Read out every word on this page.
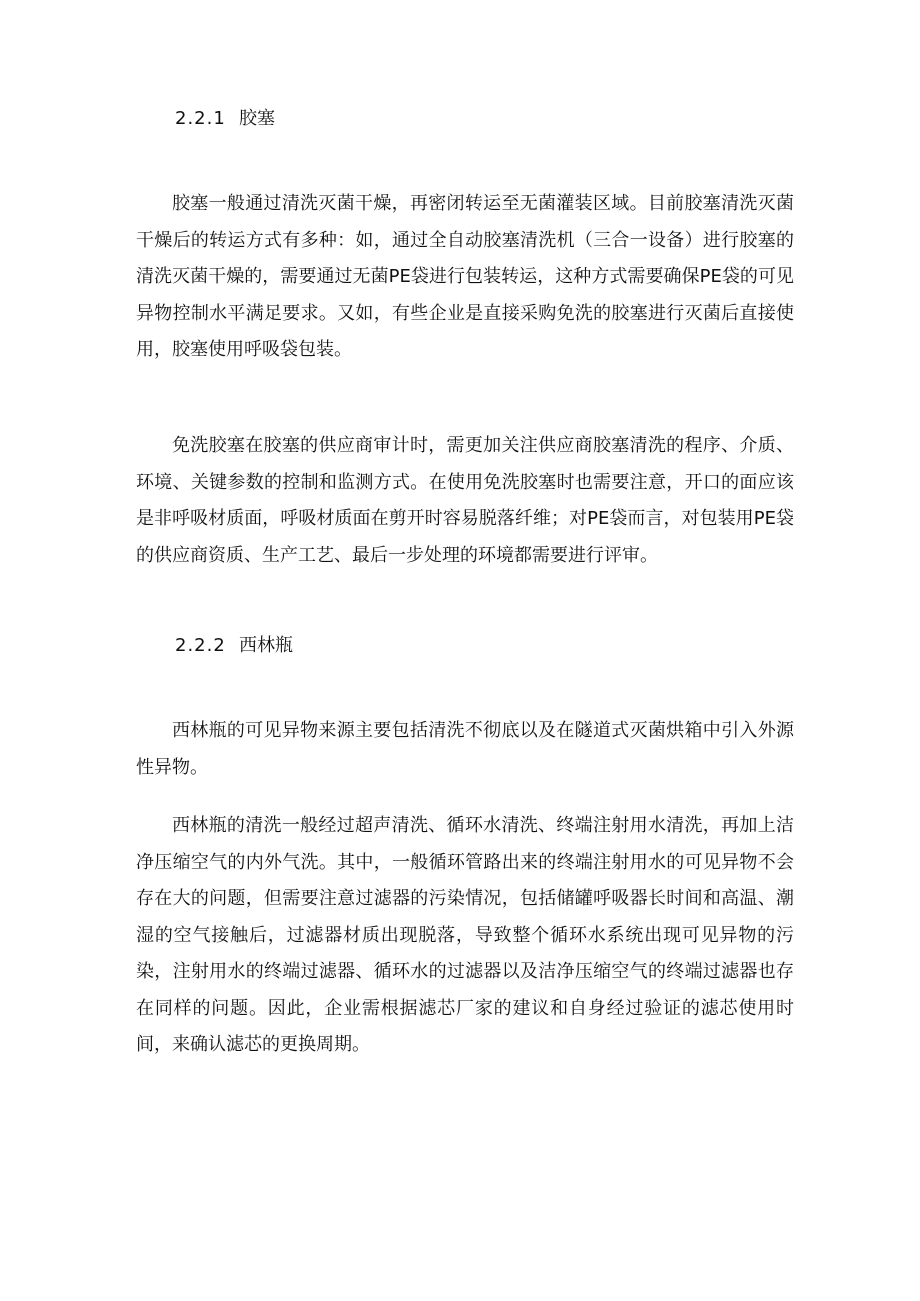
2.2.1 胶塞

胶塞一般通过清洗灭菌干燥，再密闭转运至无菌灌装区域。目前胶塞清洗灭菌干燥后的转运方式有多种：如，通过全自动胶塞清洗机（三合一设备）进行胶塞的清洗灭菌干燥的，需要通过无菌PE袋进行包装转运，这种方式需要确保PE袋的可见异物控制水平满足要求。又如，有些企业是直接采购免洗的胶塞进行灭菌后直接使用，胶塞使用呼吸袋包装。

免洗胶塞在胶塞的供应商审计时，需更加关注供应商胶塞清洗的程序、介质、环境、关键参数的控制和监测方式。在使用免洗胶塞时也需要注意，开口的面应该是非呼吸材质面，呼吸材质面在剪开时容易脱落纤维；对PE袋而言，对包装用PE袋的供应商资质、生产工艺、最后一步处理的环境都需要进行评审。

2.2.2 西林瓶

西林瓶的可见异物来源主要包括清洗不彻底以及在隧道式灭菌烘箱中引入外源性异物。

西林瓶的清洗一般经过超声清洗、循环水清洗、终端注射用水清洗，再加上洁净压缩空气的内外气洗。其中，一般循环管路出来的终端注射用水的可见异物不会存在大的问题，但需要注意过滤器的污染情况，包括储罐呼吸器长时间和高温、潮湿的空气接触后，过滤器材质出现脱落，导致整个循环水系统出现可见异物的污染，注射用水的终端过滤器、循环水的过滤器以及洁净压缩空气的终端过滤器也存在同样的问题。因此，企业需根据滤芯厂家的建议和自身经过验证的滤芯使用时间，来确认滤芯的更换周期。
